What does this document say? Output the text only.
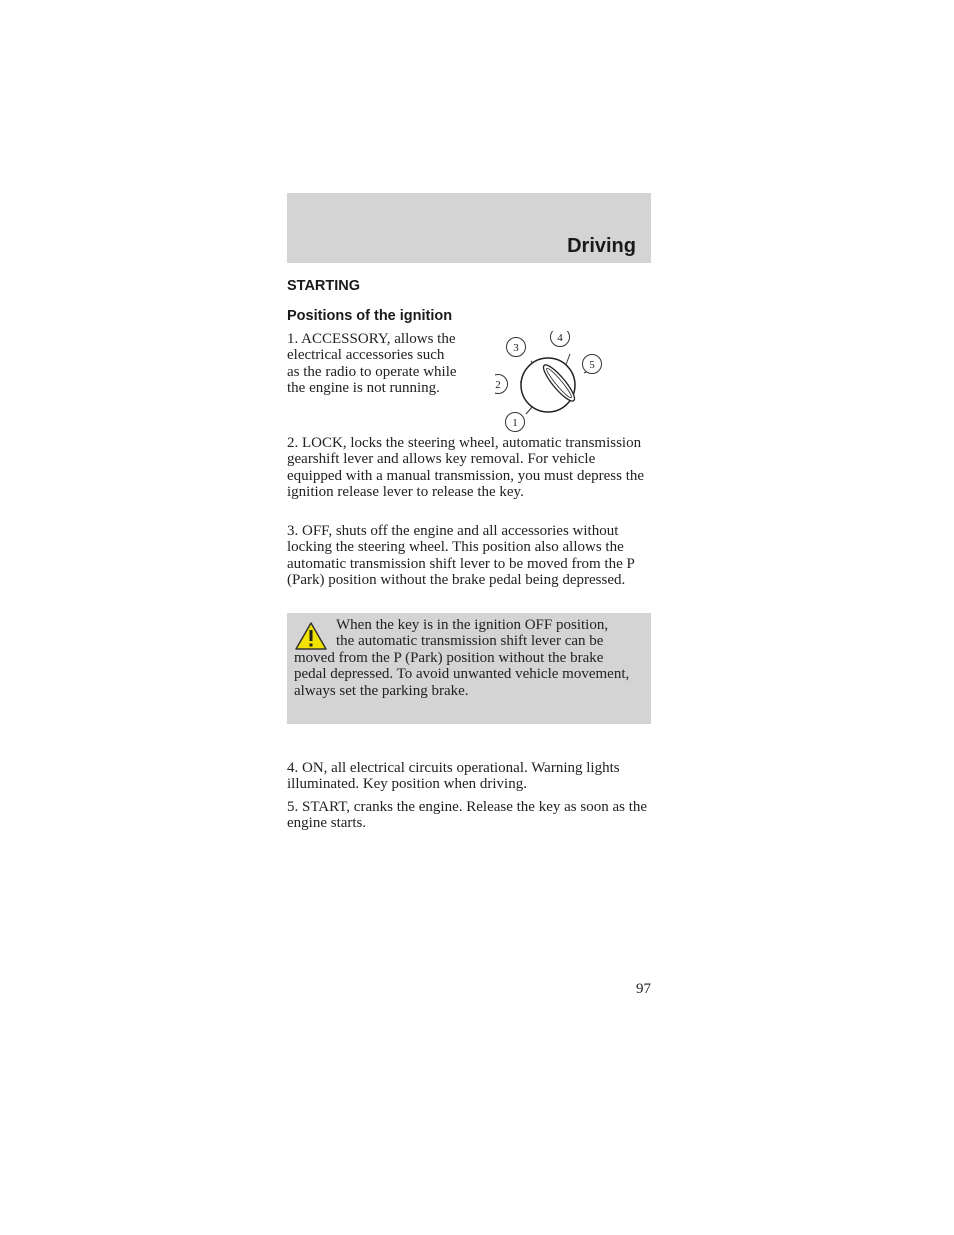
Driving
STARTING
Positions of the ignition

1. ACCESSORY, allows the electrical accessories such as the radio to operate while the engine is not running.

3
4
5
2
1

2. LOCK, locks the steering wheel, automatic transmission gearshift lever and allows key removal. For vehicle equipped with a manual transmission, you must depress the ignition release lever to release the key.

3. OFF, shuts off the engine and all accessories without locking the steering wheel. This position also allows the automatic transmission shift lever to be moved from the P (Park) position without the brake pedal being depressed.

When the key is in the ignition OFF position, the automatic transmission shift lever can be moved from the P (Park) position without the brake pedal depressed. To avoid unwanted vehicle movement, always set the parking brake.

4. ON, all electrical circuits operational. Warning lights illuminated. Key position when driving.

5. START, cranks the engine. Release the key as soon as the engine starts.

97
